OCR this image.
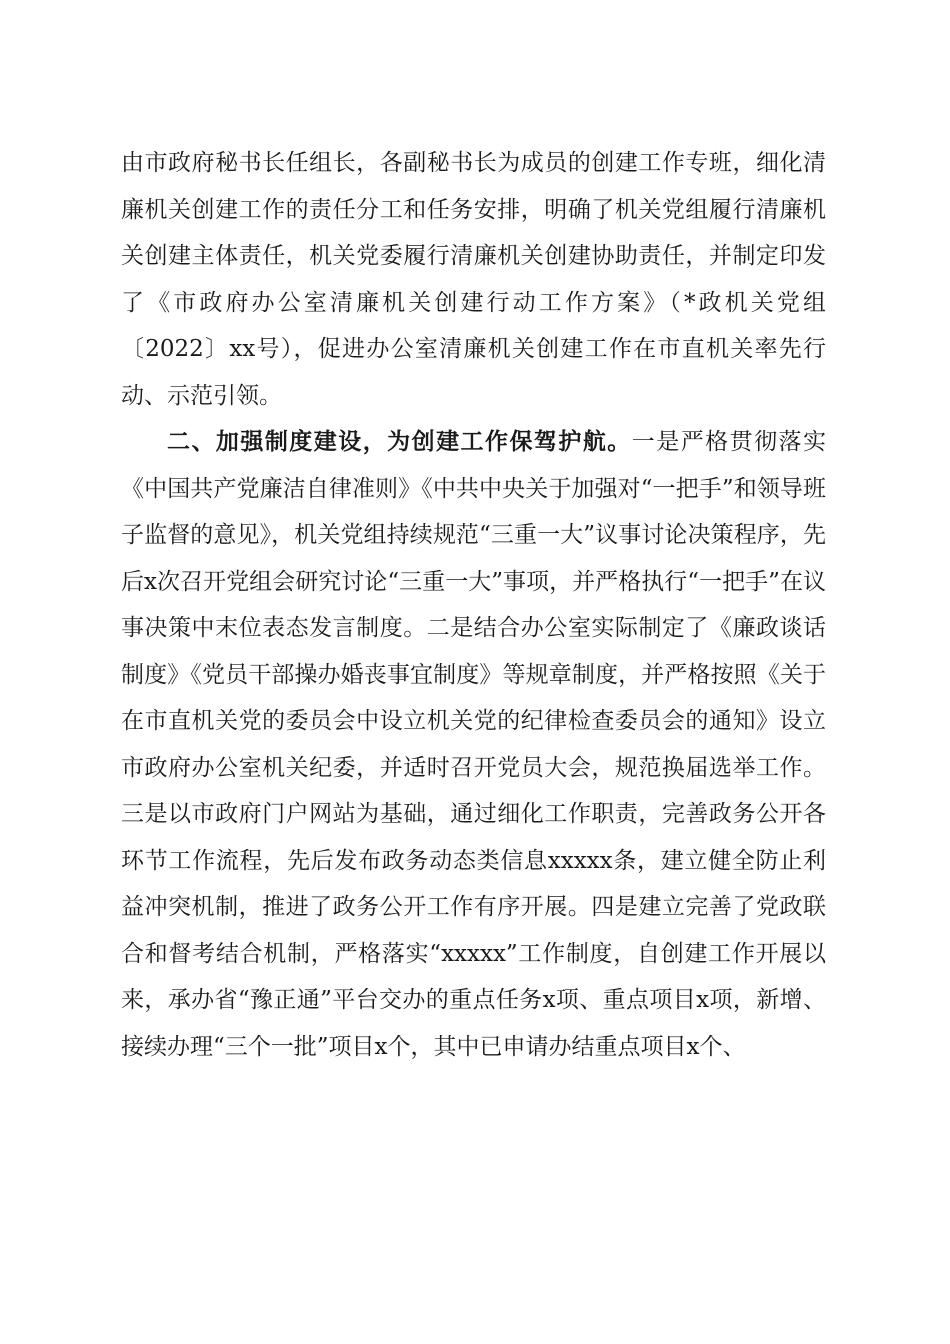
由市政府秘书长任组长，各副秘书长为成员的创建工作专班，细化清廉机关创建工作的责任分工和任务安排，明确了机关党组履行清廉机关创建主体责任，机关党委履行清廉机关创建协助责任，并制定印发了《市政府办公室清廉机关创建行动工作方案》（*政机关党组〔2022〕xx号），促进办公室清廉机关创建工作在市直机关率先行动、示范引领。

二、加强制度建设，为创建工作保驾护航。一是严格贯彻落实《中国共产党廉洁自律准则》《中共中央关于加强对“一把手”和领导班子监督的意见》，机关党组持续规范“三重一大”议事讨论决策程序，先后x次召开党组会研究讨论“三重一大”事项，并严格执行“一把手”在议事决策中末位表态发言制度。二是结合办公室实际制定了《廉政谈话制度》《党员干部操办婚丧事宜制度》等规章制度，并严格按照《关于在市直机关党的委员会中设立机关党的纪律检查委员会的通知》设立市政府办公室机关纪委，并适时召开党员大会，规范换届选举工作。三是以市政府门户网站为基础，通过细化工作职责，完善政务公开各环节工作流程，先后发布政务动态类信息xxxxx条，建立健全防止利益冲突机制，推进了政务公开工作有序开展。四是建立完善了党政联合和督考结合机制，严格落实“xxxxx”工作制度，自创建工作开展以来，承办省“豫正通”平台交办的重点任务x项、重点项目x项，新增、接续办理“三个一批”项目x个，其中已申请办结重点项目x个、
